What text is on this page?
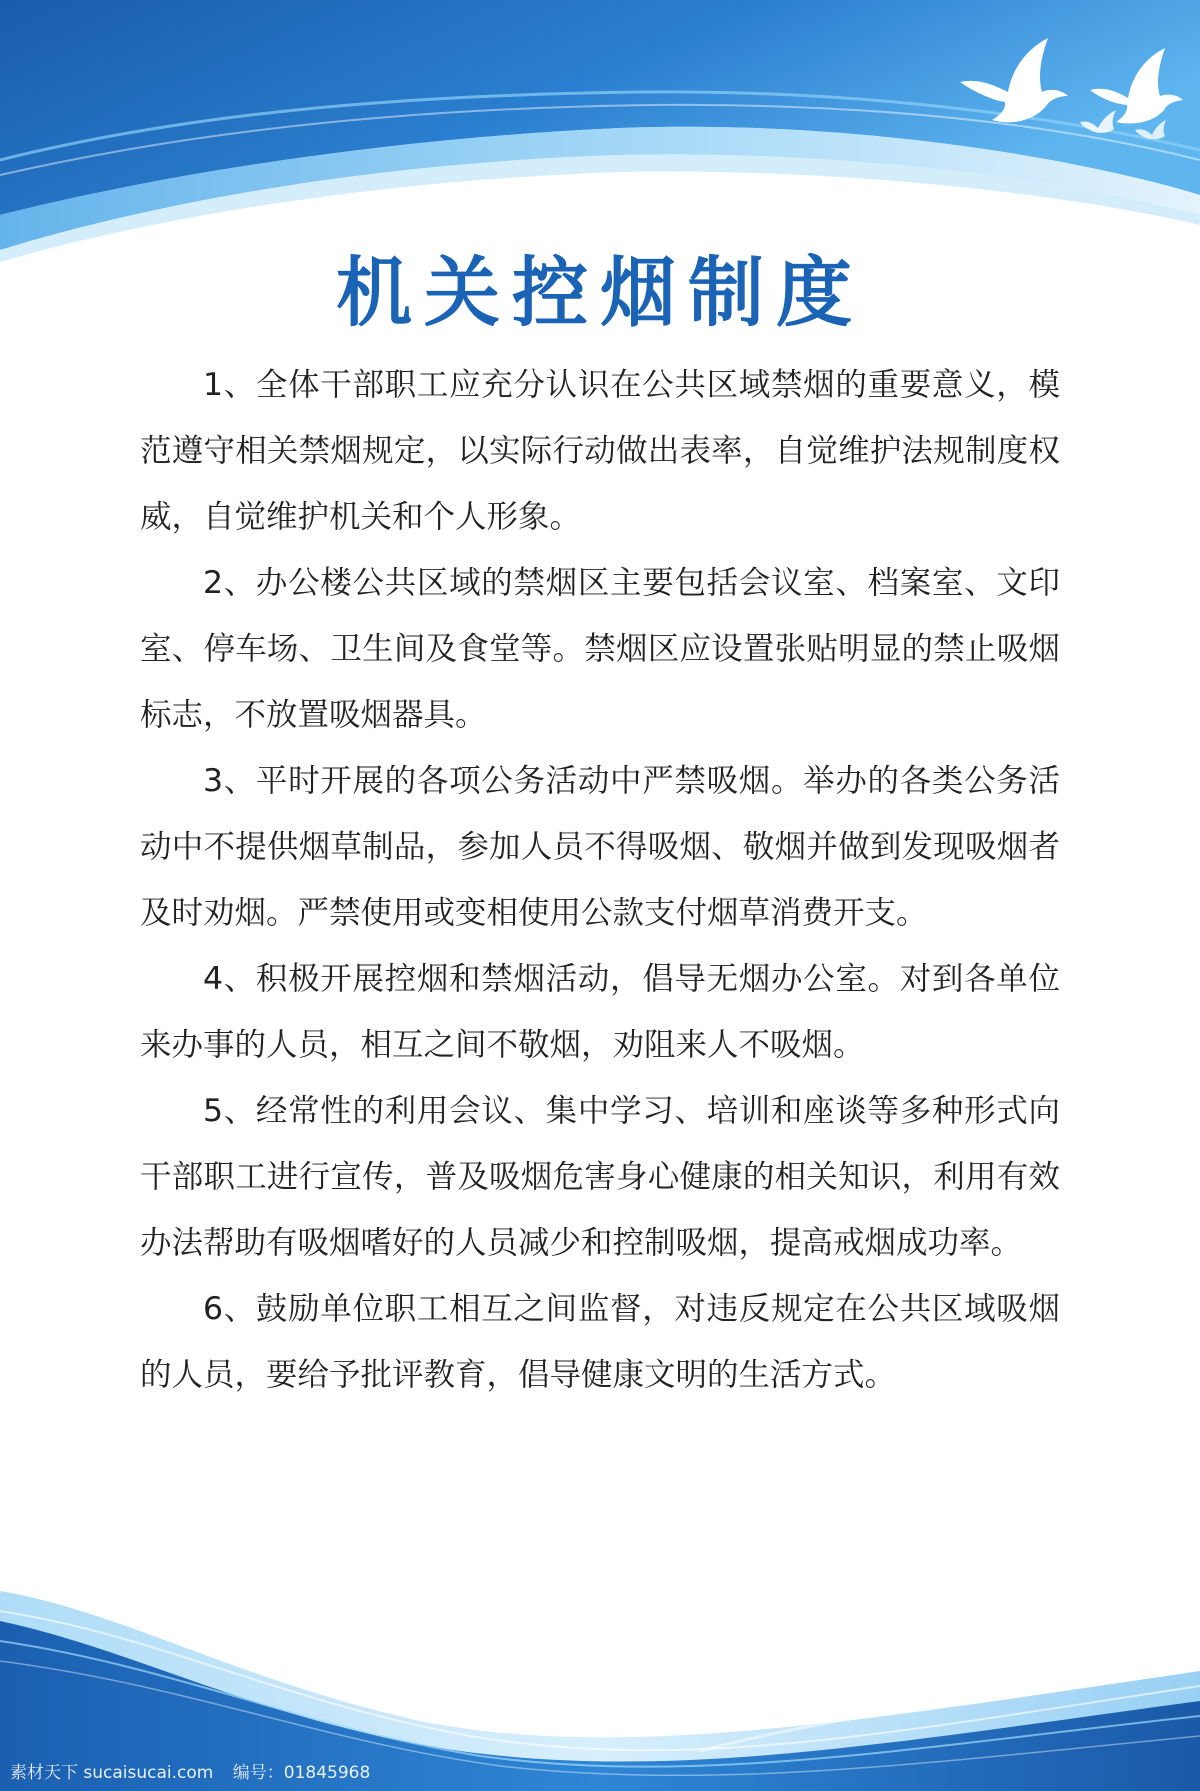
机关控烟制度

1、全体干部职工应充分认识在公共区域禁烟的重要意义，模范遵守相关禁烟规定，以实际行动做出表率，自觉维护法规制度权威，自觉维护机关和个人形象。

2、办公楼公共区域的禁烟区主要包括会议室、档案室、文印室、停车场、卫生间及食堂等。禁烟区应设置张贴明显的禁止吸烟标志，不放置吸烟器具。

3、平时开展的各项公务活动中严禁吸烟。举办的各类公务活动中不提供烟草制品，参加人员不得吸烟、敬烟并做到发现吸烟者及时劝烟。严禁使用或变相使用公款支付烟草消费开支。

4、积极开展控烟和禁烟活动，倡导无烟办公室。对到各单位来办事的人员，相互之间不敬烟，劝阻来人不吸烟。

5、经常性的利用会议、集中学习、培训和座谈等多种形式向干部职工进行宣传，普及吸烟危害身心健康的相关知识，利用有效办法帮助有吸烟嗜好的人员减少和控制吸烟，提高戒烟成功率。

6、鼓励单位职工相互之间监督，对违反规定在公共区域吸烟的人员，要给予批评教育，倡导健康文明的生活方式。

素材天下 sucaisucai.com 编号：01845968
